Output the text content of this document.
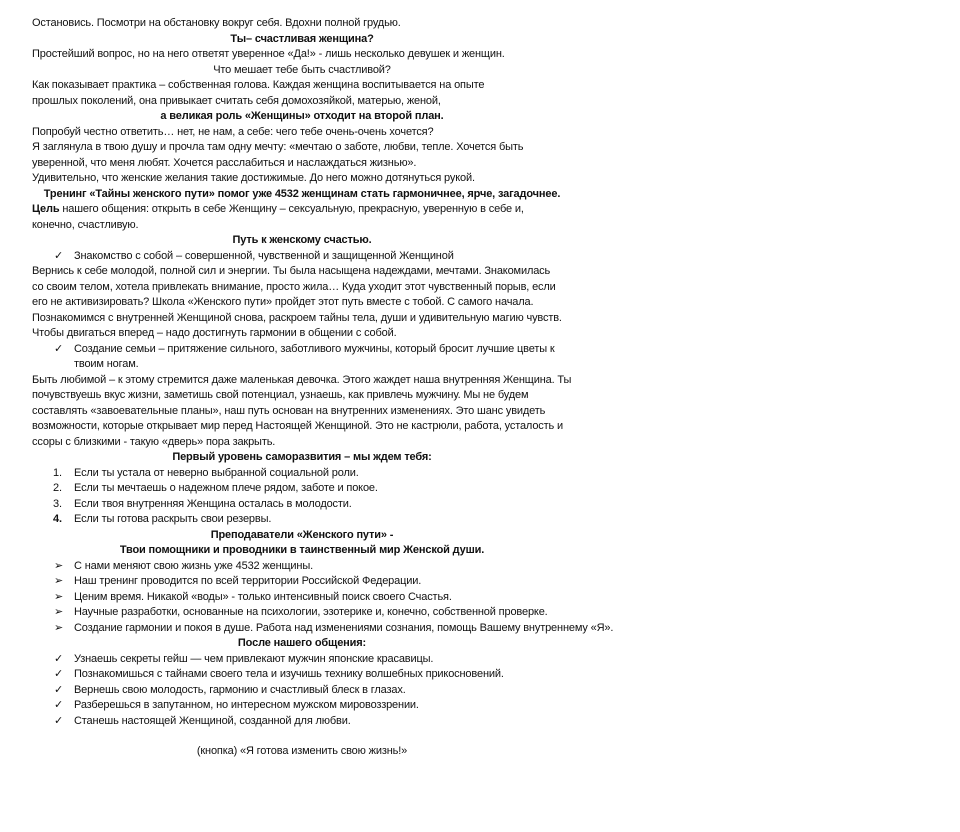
Остановись. Посмотри на обстановку вокруг себя. Вдохни полной грудью.

Ты– счастливая женщина?

Простейший вопрос, но на него ответят уверенное «Да!» - лишь несколько девушек и женщин.

Что мешает тебе быть счастливой?

Как показывает практика – собственная голова. Каждая женщина воспитывается на опыте прошлых поколений, она привыкает считать себя домохозяйкой, матерью, женой,

а великая роль «Женщины» отходит на второй план.

Попробуй честно ответить… нет, не нам, а себе: чего тебе очень-очень хочется?

Я заглянула в твою душу и прочла там одну мечту: «мечтаю о заботе, любви, тепле. Хочется быть уверенной, что меня любят. Хочется расслабиться и наслаждаться жизнью».

Удивительно, что женские желания такие достижимые. До него можно дотянуться рукой.

Тренинг «Тайны женского пути» помог уже 4532 женщинам стать гармоничнее, ярче, загадочнее.

Цель нашего общения: открыть в себе Женщину – сексуальную, прекрасную, уверенную в себе и, конечно, счастливую.

Путь к женскому счастью.

✓ Знакомство с собой – совершенной, чувственной и защищенной Женщиной

Вернись к себе молодой, полной сил и энергии. Ты была насыщена надеждами, мечтами. Знакомилась со своим телом, хотела привлекать внимание, просто жила… Куда уходит этот чувственный порыв, если его не активизировать? Школа «Женского пути» пройдет этот путь вместе с тобой. С самого начала. Познакомимся с внутренней Женщиной снова, раскроем тайны тела, души и удивительную магию чувств. Чтобы двигаться вперед – надо достигнуть гармонии в общении с собой.

✓ Создание семьи – притяжение сильного, заботливого мужчины, который бросит лучшие цветы к твоим ногам.

Быть любимой – к этому стремится даже маленькая девочка. Этого жаждет наша внутренняя Женщина. Ты почувствуешь вкус жизни, заметишь свой потенциал, узнаешь, как привлечь мужчину. Мы не будем составлять «завоевательные планы», наш путь основан на внутренних изменениях. Это шанс увидеть возможности, которые открывает мир перед Настоящей Женщиной. Это не кастрюли, работа, усталость и ссоры с близкими - такую «дверь» пора закрыть.

Первый уровень саморазвития – мы ждем тебя:

1.	Если ты устала от неверно выбранной социальной роли.
2.	Если ты мечтаешь о надежном плече рядом, заботе и покое.
3.	Если твоя внутренняя Женщина осталась в молодости.
4.	Если ты готова раскрыть свои резервы.

Преподаватели «Женского пути» -

Твои помощники и проводники в таинственный мир Женской души.

➢ С нами меняют свою жизнь уже 4532 женщины.
➢ Наш тренинг проводится по всей территории Российской Федерации.
➢ Ценим время. Никакой «воды» - только интенсивный поиск своего Счастья.
➢ Научные разработки, основанные на психологии, эзотерике и, конечно, собственной проверке.
➢ Создание гармонии и покоя в душе. Работа над изменениями сознания, помощь Вашему внутреннему «Я».

После нашего общения:

✓ Узнаешь секреты гейш — чем привлекают мужчин японские красавицы.
✓ Познакомишься с тайнами своего тела и изучишь технику волшебных прикосновений.
✓ Вернешь свою молодость, гармонию и счастливый блеск в глазах.
✓ Разберешься в запутанном, но интересном мужском мировоззрении.
✓ Станешь настоящей Женщиной, созданной для любви.
(кнопка) «Я готова изменить свою жизнь!»
